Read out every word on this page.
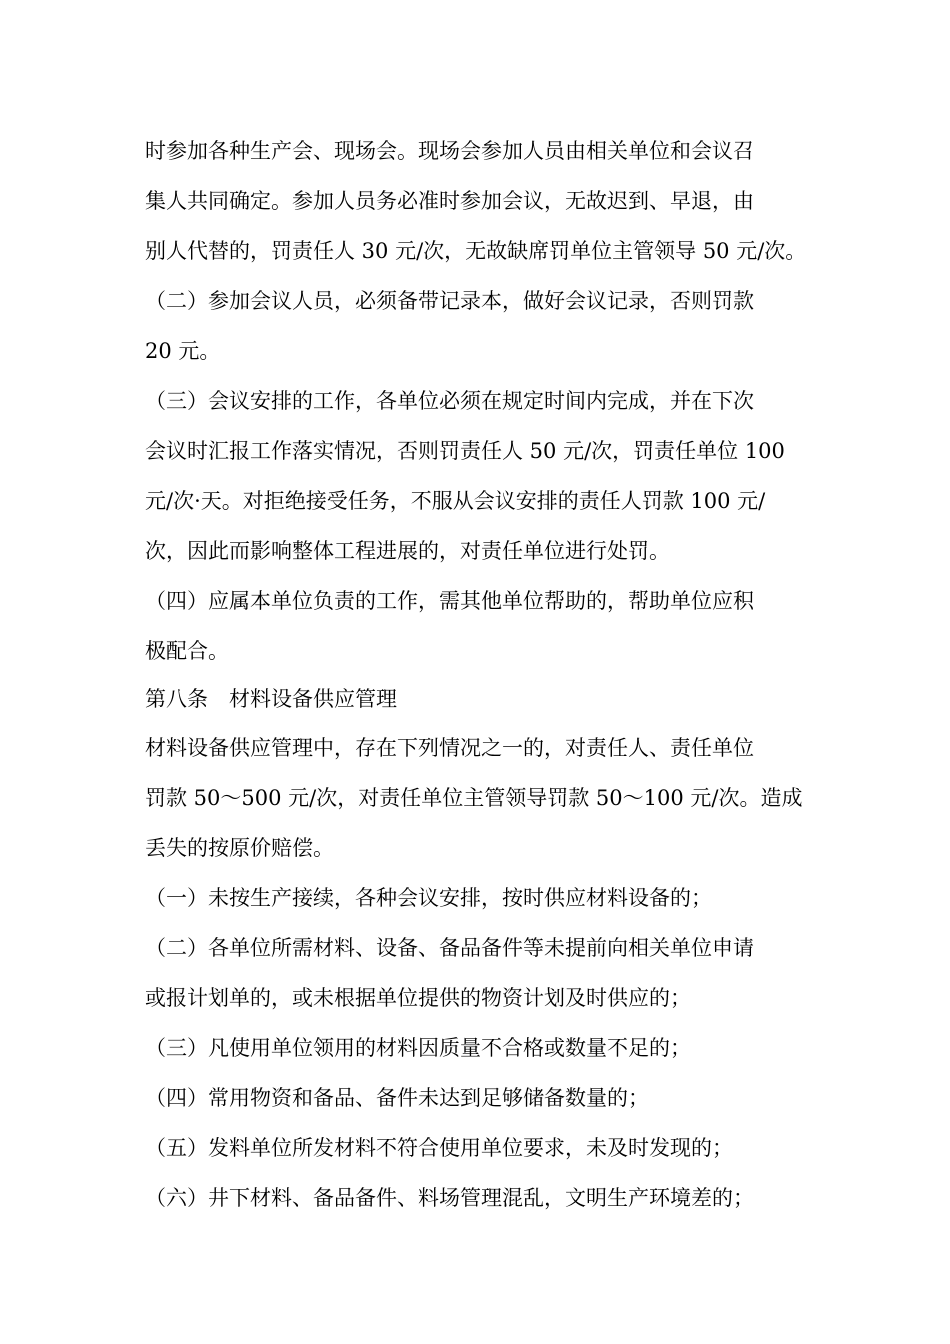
时参加各种生产会、现场会。现场会参加人员由相关单位和会议召

集人共同确定。参加人员务必准时参加会议，无故迟到、早退，由

别人代替的，罚责任人 30 元/次，无故缺席罚单位主管领导 50 元/次。

（二）参加会议人员，必须备带记录本，做好会议记录，否则罚款

20 元。

（三）会议安排的工作，各单位必须在规定时间内完成，并在下次

会议时汇报工作落实情况，否则罚责任人 50 元/次，罚责任单位 100

元/次·天。对拒绝接受任务，不服从会议安排的责任人罚款 100 元/

次，因此而影响整体工程进展的，对责任单位进行处罚。

（四）应属本单位负责的工作，需其他单位帮助的，帮助单位应积

极配合。

第八条　材料设备供应管理

材料设备供应管理中，存在下列情况之一的，对责任人、责任单位

罚款 50～500 元/次，对责任单位主管领导罚款 50～100 元/次。造成

丢失的按原价赔偿。

（一）未按生产接续，各种会议安排，按时供应材料设备的；

（二）各单位所需材料、设备、备品备件等未提前向相关单位申请

或报计划单的，或未根据单位提供的物资计划及时供应的；

（三）凡使用单位领用的材料因质量不合格或数量不足的；

（四）常用物资和备品、备件未达到足够储备数量的；

（五）发料单位所发材料不符合使用单位要求，未及时发现的；

（六）井下材料、备品备件、料场管理混乱，文明生产环境差的；
